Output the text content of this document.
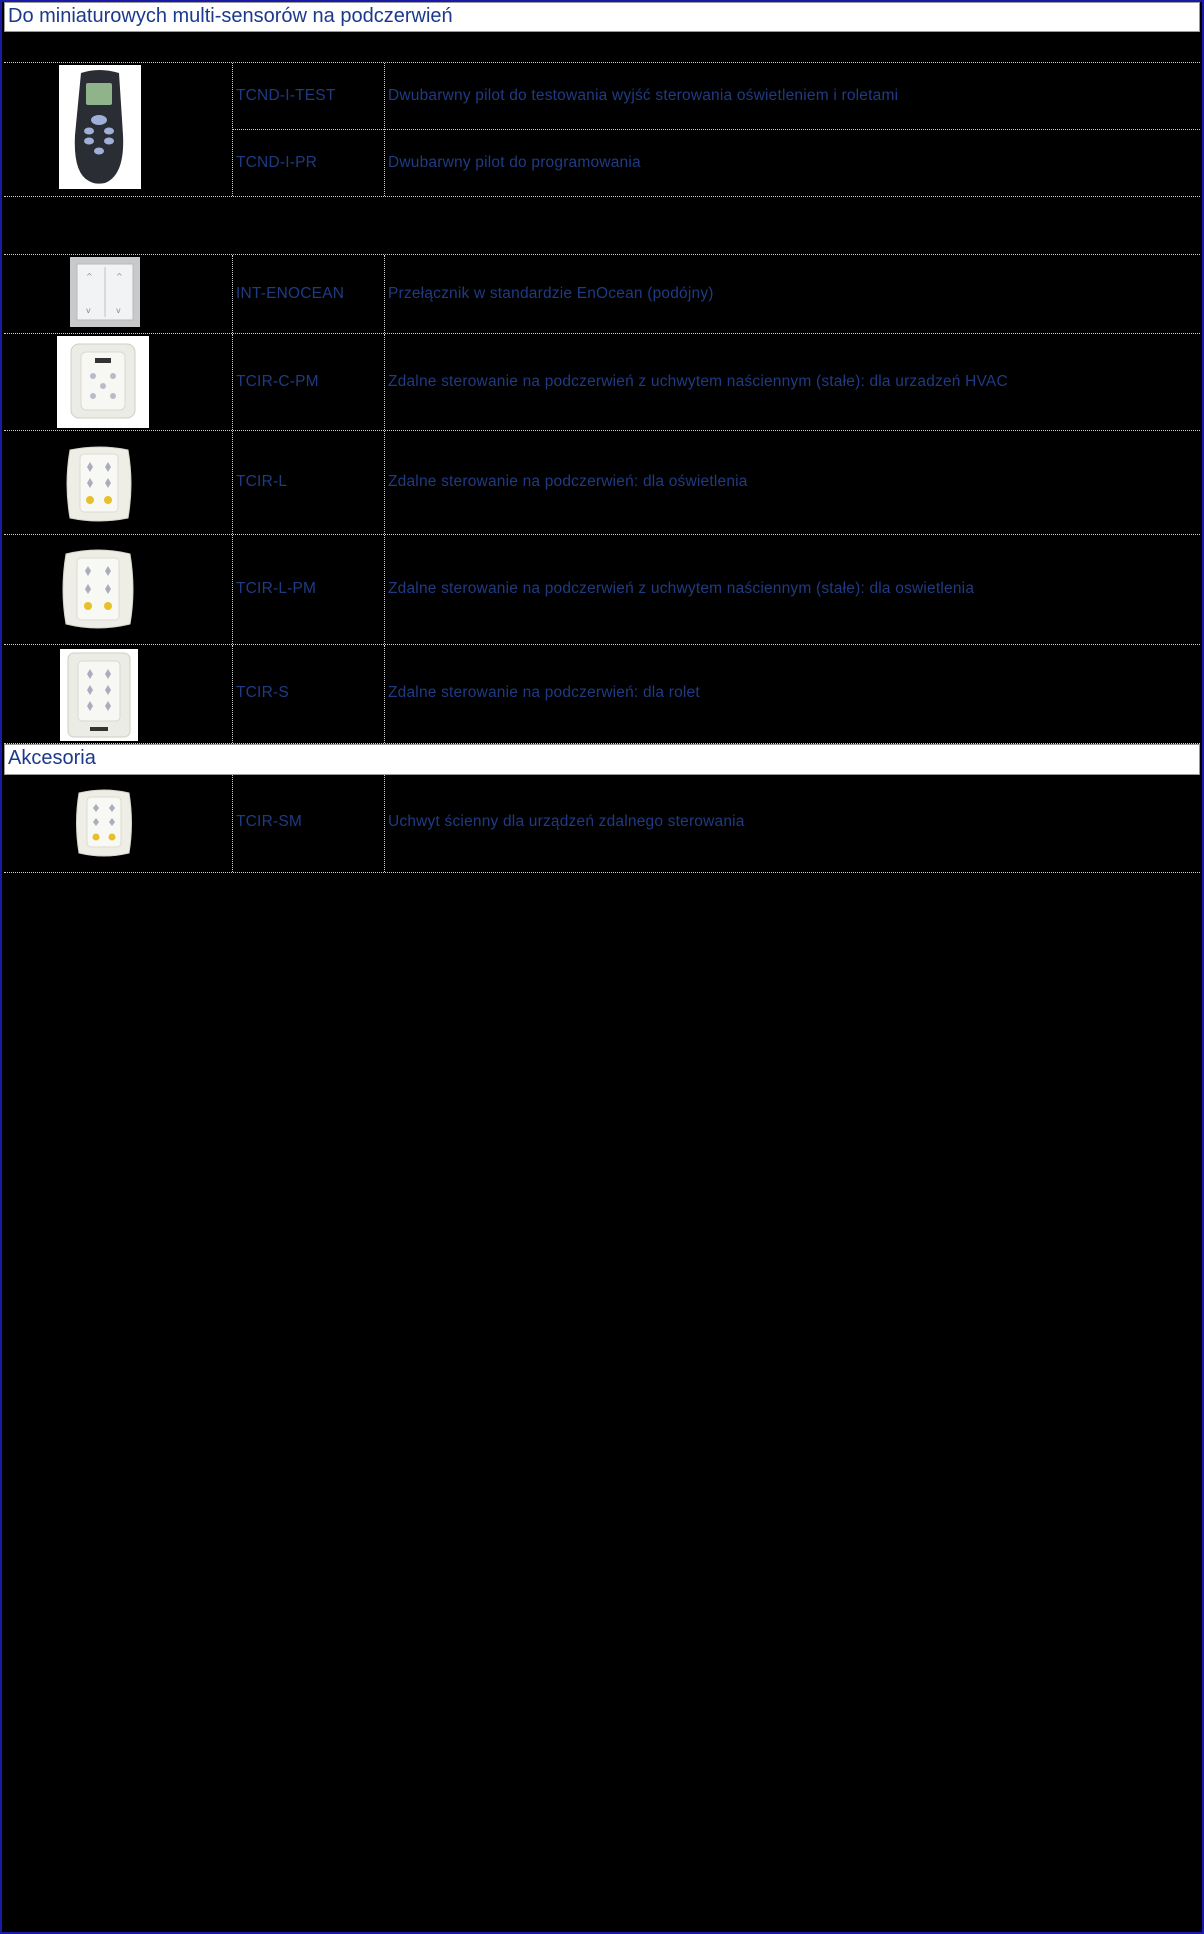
Do miniaturowych multi-sensorów na podczerwień
TCND-I-TEST	Dwubarwny pilot do testowania wyjść sterowania oświetleniem i roletami
TCND-I-PR	Dwubarwny pilot do programowania
^	^
v	v
INT-ENOCEAN	Przełącznik w standardzie EnOcean (podójny)
TCIR-C-PM	Zdalne sterowanie na podczerwień z uchwytem naściennym (stałe): dla urzadzeń HVAC
TCIR-L	Zdalne sterowanie na podczerwień: dla oświetlenia
TCIR-L-PM	Zdalne sterowanie na podczerwień z uchwytem naściennym (stałe): dla oswietlenia
TCIR-S	Zdalne sterowanie na podczerwień: dla rolet
Akcesoria
TCIR-SM	Uchwyt ścienny dla urządzeń zdalnego sterowania
